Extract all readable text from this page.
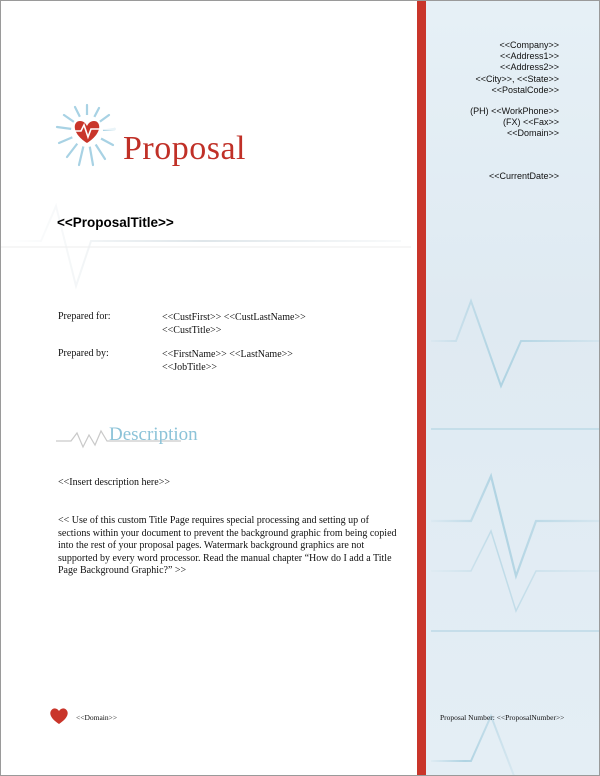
<<Company>>
<<Address1>>
<<Address2>>
<<City>>, <<State>>
<<PostalCode>>
(PH) <<WorkPhone>>
(FX) <<Fax>>
<<Domain>>
<<CurrentDate>>
Proposal
<<ProposalTitle>>
Prepared for:	<<CustFirst>> <<CustLastName>>
<<CustTitle>>
Prepared by:	<<FirstName>> <<LastName>>
<<JobTitle>>
Description
<<Insert description here>>
<< Use of this custom Title Page requires special processing and setting up of sections within your document to prevent the background graphic from being copied into the rest of your proposal pages. Watermark background graphics are not supported by every word processor. Read the manual chapter “How do I add a Title Page Background Graphic?” >>
<<Domain>>	Proposal Number: <<ProposalNumber>>
